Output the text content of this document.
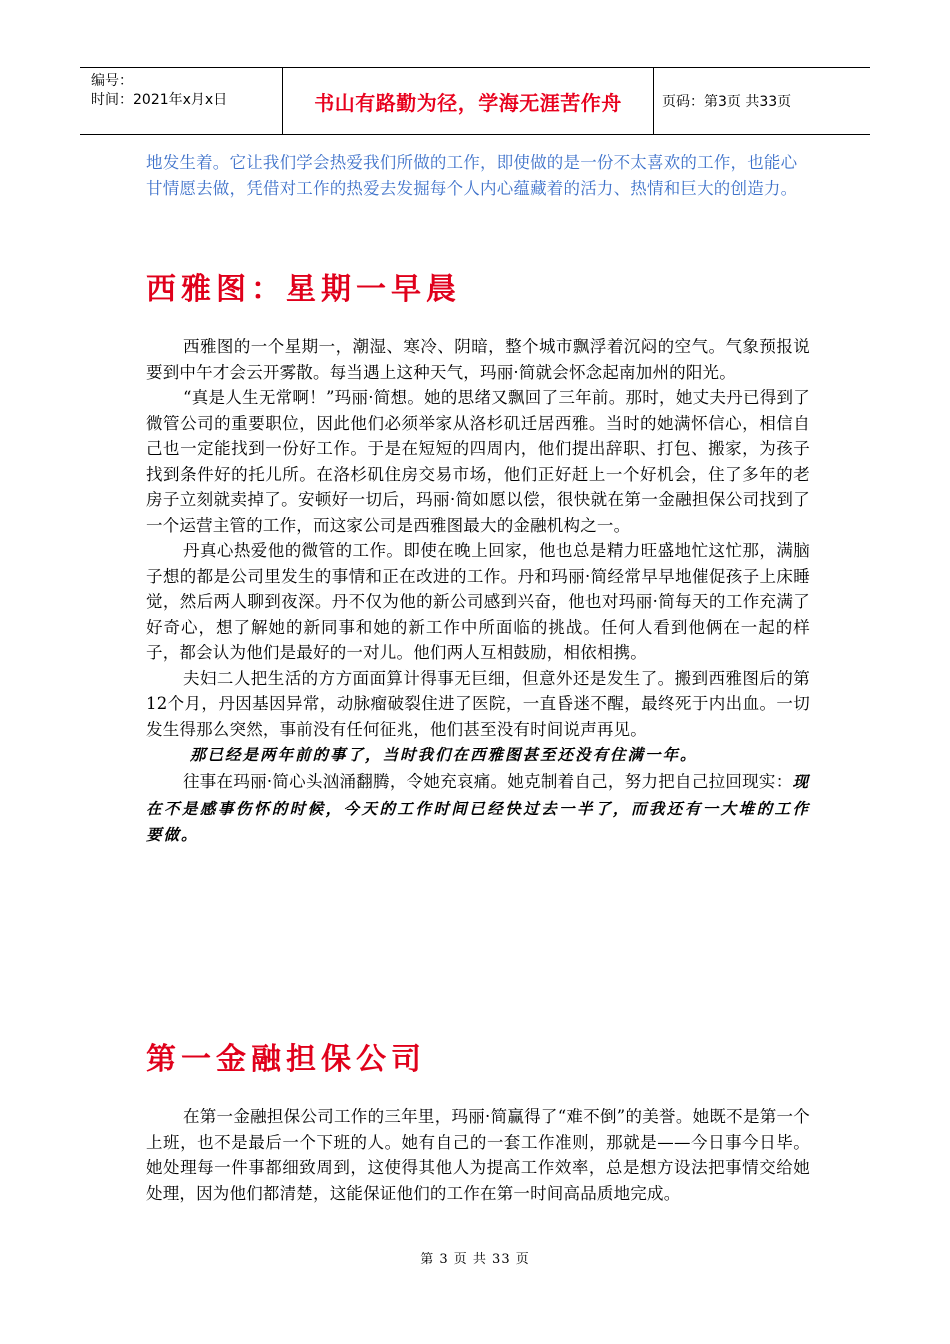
编号：
时间：2021年x月x日	书山有路勤为径，学海无涯苦作舟	页码：第3页 共33页

地发生着。它让我们学会热爱我们所做的工作，即使做的是一份不太喜欢的工作，也能心甘情愿去做，凭借对工作的热爱去发掘每个人内心蕴藏着的活力、热情和巨大的创造力。

西雅图：星期一早晨

西雅图的一个星期一，潮湿、寒冷、阴暗，整个城市飘浮着沉闷的空气。气象预报说要到中午才会云开雾散。每当遇上这种天气，玛丽·简就会怀念起南加州的阳光。

“真是人生无常啊！”玛丽·简想。她的思绪又飘回了三年前。那时，她丈夫丹已得到了微管公司的重要职位，因此他们必须举家从洛杉矶迁居西雅。当时的她满怀信心，相信自己也一定能找到一份好工作。于是在短短的四周内，他们提出辞职、打包、搬家，为孩子找到条件好的托儿所。在洛杉矶住房交易市场，他们正好赶上一个好机会，住了多年的老房子立刻就卖掉了。安顿好一切后，玛丽·简如愿以偿，很快就在第一金融担保公司找到了一个运营主管的工作，而这家公司是西雅图最大的金融机构之一。

丹真心热爱他的微管的工作。即使在晚上回家，他也总是精力旺盛地忙这忙那，满脑子想的都是公司里发生的事情和正在改进的工作。丹和玛丽·简经常早早地催促孩子上床睡觉，然后两人聊到夜深。丹不仅为他的新公司感到兴奋，他也对玛丽·简每天的工作充满了好奇心，想了解她的新同事和她的新工作中所面临的挑战。任何人看到他俩在一起的样子，都会认为他们是最好的一对儿。他们两人互相鼓励，相依相携。

夫妇二人把生活的方方面面算计得事无巨细，但意外还是发生了。搬到西雅图后的第12个月，丹因基因异常，动脉瘤破裂住进了医院，一直昏迷不醒，最终死于内出血。一切发生得那么突然，事前没有任何征兆，他们甚至没有时间说声再见。

那已经是两年前的事了，当时我们在西雅图甚至还没有住满一年。

往事在玛丽·简心头汹涌翻腾，令她充哀痛。她克制着自己，努力把自己拉回现实：现在不是感事伤怀的时候，今天的工作时间已经快过去一半了，而我还有一大堆的工作要做。

第一金融担保公司

在第一金融担保公司工作的三年里，玛丽·简赢得了“难不倒”的美誉。她既不是第一个上班，也不是最后一个下班的人。她有自己的一套工作准则，那就是——今日事今日毕。她处理每一件事都细致周到，这使得其他人为提高工作效率，总是想方设法把事情交给她处理，因为他们都清楚，这能保证他们的工作在第一时间高品质地完成。

第 3 页 共 33 页
